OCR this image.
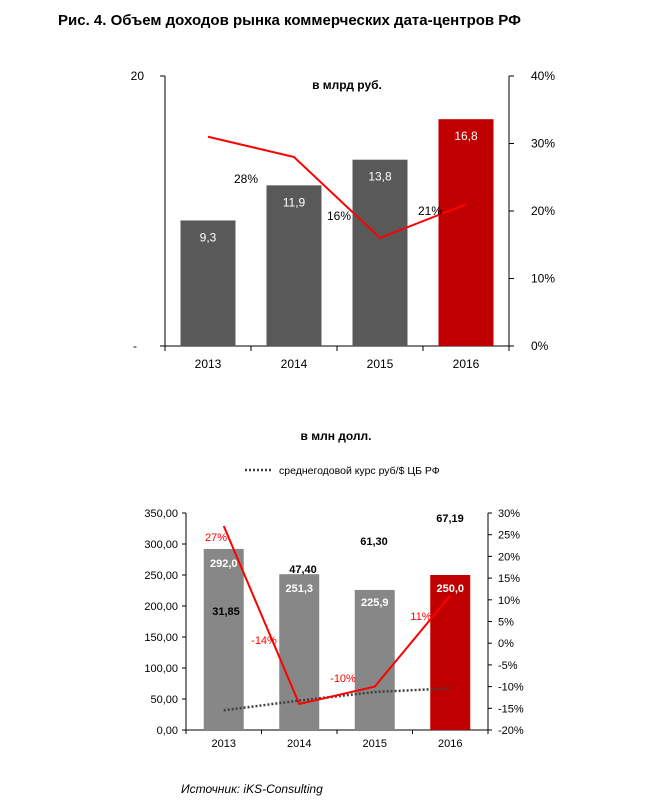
Рис. 4. Объем доходов рынка коммерческих дата-центров РФ
в млрд руб.
20
-	0%
10%
20%
30%
40%
2013	2014	2015	2016
9,3
11,9
13,8
16,8
28%
16%	21%
в млн долл.
среднегодовой курс руб/$ ЦБ РФ
0,00
50,00
100,00
150,00
200,00
250,00
300,00
350,00
-20%
-15%
-10%
-5%
0%
5%
10%
15%
20%
25%
30%
2013	2014	2015	2016
292,0
251,3
225,9
250,0
31,85
47,40
61,30
67,19
27%
-14%
-10%
11%
Источник: iKS-Consulting
